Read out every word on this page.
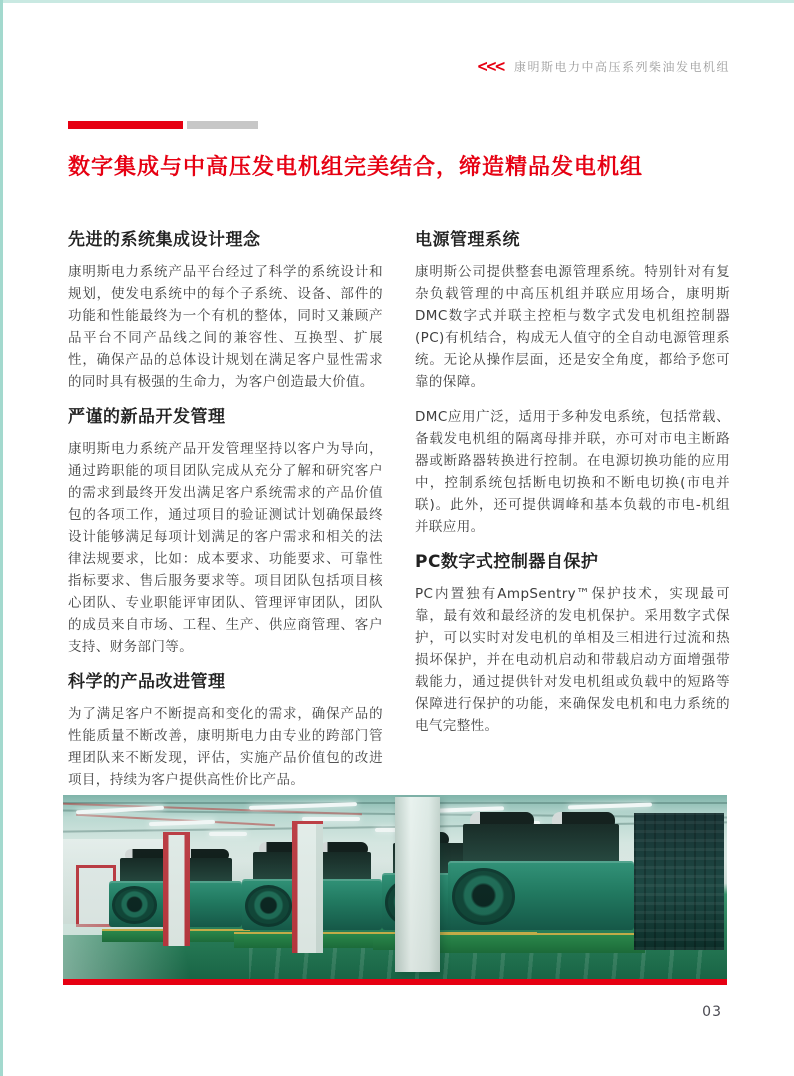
<<< 康明斯电力中高压系列柴油发电机组
数字集成与中高压发电机组完美结合，缔造精品发电机组
先进的系统集成设计理念

康明斯电力系统产品平台经过了科学的系统设计和规划，使发电系统中的每个子系统、设备、部件的功能和性能最终为一个有机的整体，同时又兼顾产品平台不同产品线之间的兼容性、互换型、扩展性，确保产品的总体设计规划在满足客户显性需求的同时具有极强的生命力，为客户创造最大价值。

严谨的新品开发管理

康明斯电力系统产品开发管理坚持以客户为导向，通过跨职能的项目团队完成从充分了解和研究客户的需求到最终开发出满足客户系统需求的产品价值包的各项工作，通过项目的验证测试计划确保最终设计能够满足每项计划满足的客户需求和相关的法律法规要求，比如：成本要求、功能要求、可靠性指标要求、售后服务要求等。项目团队包括项目核心团队、专业职能评审团队、管理评审团队，团队的成员来自市场、工程、生产、供应商管理、客户支持、财务部门等。

科学的产品改进管理

为了满足客户不断提高和变化的需求，确保产品的性能质量不断改善，康明斯电力由专业的跨部门管理团队来不断发现，评估，实施产品价值包的改进项目，持续为客户提供高性价比产品。

电源管理系统

康明斯公司提供整套电源管理系统。特别针对有复杂负载管理的中高压机组并联应用场合，康明斯DMC数字式并联主控柜与数字式发电机组控制器(PC)有机结合，构成无人值守的全自动电源管理系统。无论从操作层面，还是安全角度，都给予您可靠的保障。

DMC应用广泛，适用于多种发电系统，包括常载、备载发电机组的隔离母排并联，亦可对市电主断路器或断路器转换进行控制。在电源切换功能的应用中，控制系统包括断电切换和不断电切换(市电并联)。此外，还可提供调峰和基本负载的市电-机组并联应用。

PC数字式控制器自保护

PC内置独有AmpSentry™保护技术，实现最可靠，最有效和最经济的发电机保护。采用数字式保护，可以实时对发电机的单相及三相进行过流和热损坏保护，并在电动机启动和带载启动方面增强带载能力，通过提供针对发电机组或负载中的短路等保障进行保护的功能，来确保发电机和电力系统的电气完整性。

03
